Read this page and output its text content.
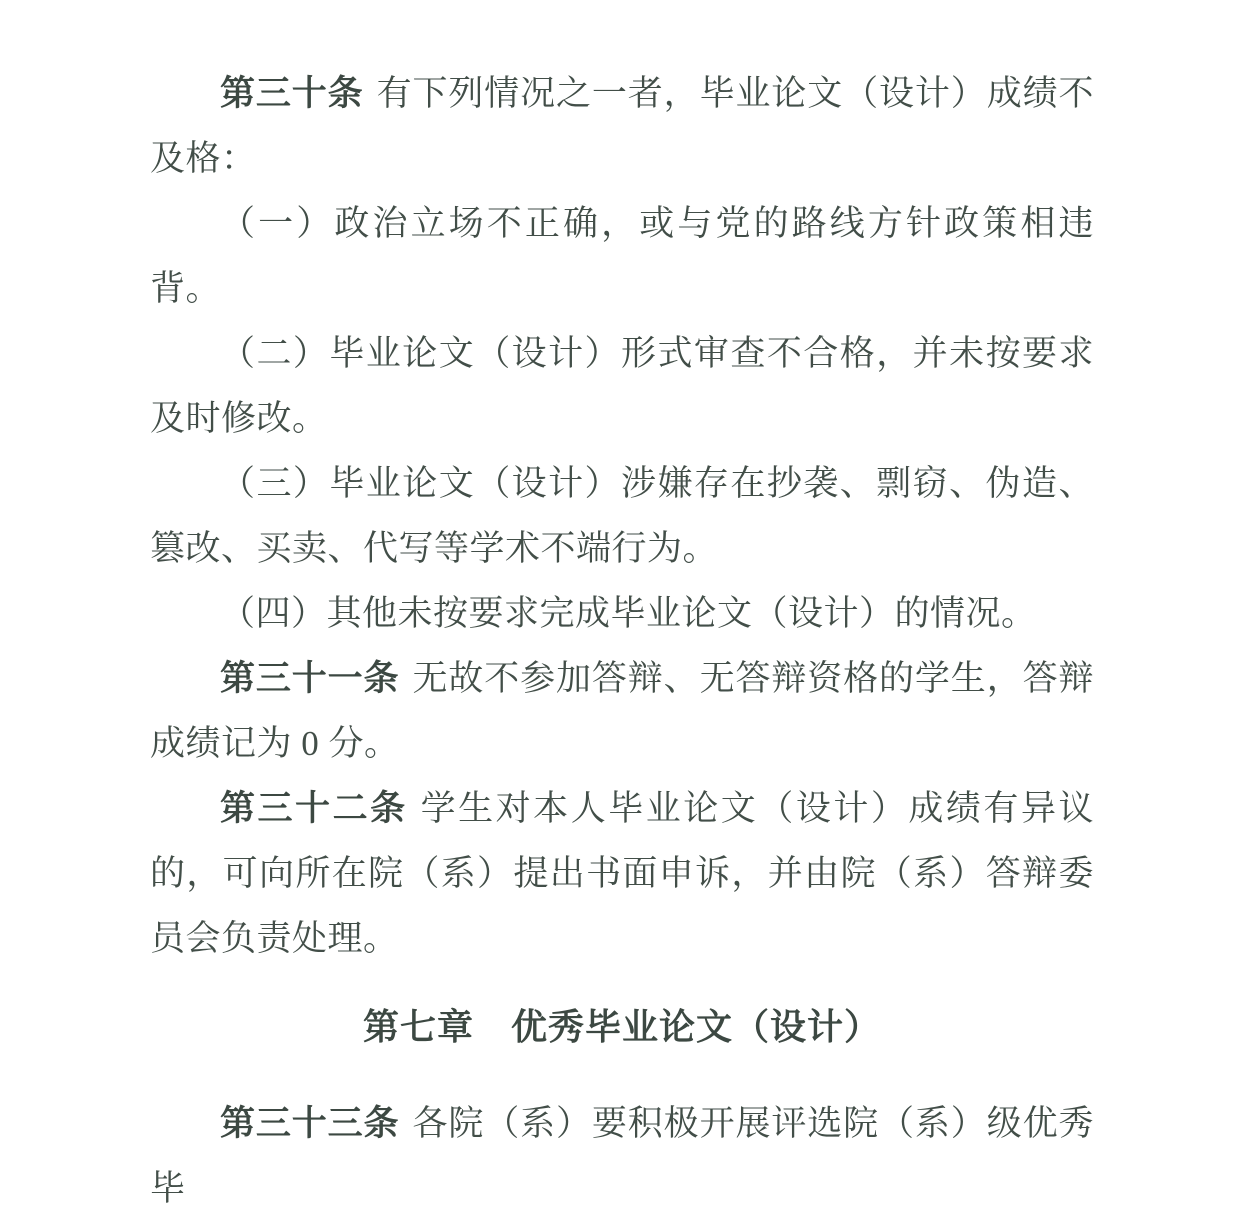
第三十条 有下列情况之一者，毕业论文（设计）成绩不及格：

（一）政治立场不正确，或与党的路线方针政策相违背。

（二）毕业论文（设计）形式审查不合格，并未按要求及时修改。

（三）毕业论文（设计）涉嫌存在抄袭、剽窃、伪造、篡改、买卖、代写等学术不端行为。

（四）其他未按要求完成毕业论文（设计）的情况。

第三十一条 无故不参加答辩、无答辩资格的学生，答辩成绩记为 0 分。

第三十二条 学生对本人毕业论文（设计）成绩有异议的，可向所在院（系）提出书面申诉，并由院（系）答辩委员会负责处理。

第七章　优秀毕业论文（设计）

第三十三条 各院（系）要积极开展评选院（系）级优秀毕
